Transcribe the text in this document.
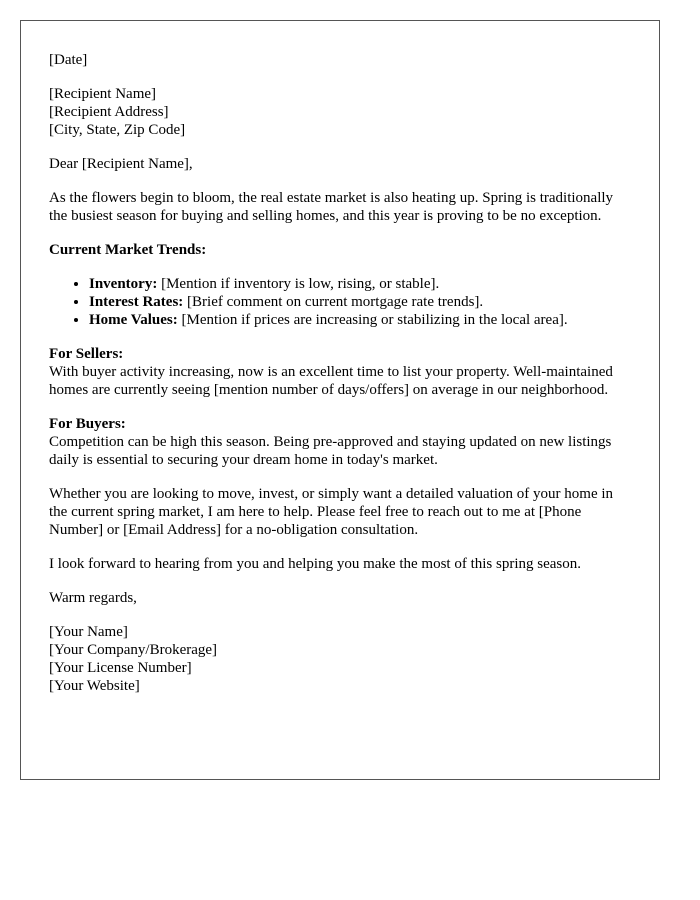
[Date]

[Recipient Name]
[Recipient Address]
[City, State, Zip Code]

Dear [Recipient Name],

As the flowers begin to bloom, the real estate market is also heating up. Spring is traditionally the busiest season for buying and selling homes, and this year is proving to be no exception.

Current Market Trends:

• Inventory: [Mention if inventory is low, rising, or stable].
• Interest Rates: [Brief comment on current mortgage rate trends].
• Home Values: [Mention if prices are increasing or stabilizing in the local area].

For Sellers:
With buyer activity increasing, now is an excellent time to list your property. Well-maintained homes are currently seeing [mention number of days/offers] on average in our neighborhood.

For Buyers:
Competition can be high this season. Being pre-approved and staying updated on new listings daily is essential to securing your dream home in today's market.

Whether you are looking to move, invest, or simply want a detailed valuation of your home in the current spring market, I am here to help. Please feel free to reach out to me at [Phone Number] or [Email Address] for a no-obligation consultation.

I look forward to hearing from you and helping you make the most of this spring season.

Warm regards,

[Your Name]
[Your Company/Brokerage]
[Your License Number]
[Your Website]
